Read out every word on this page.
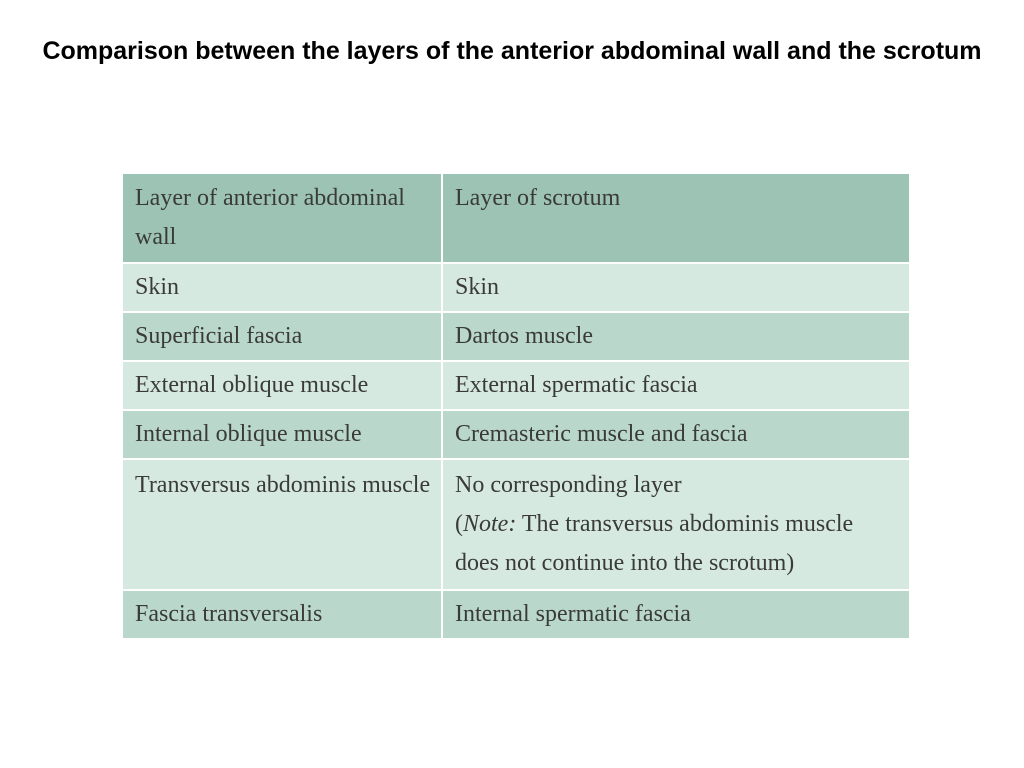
Comparison between the layers of the anterior abdominal wall and the scrotum
Layer of anterior abdominal wall	Layer of scrotum
Skin	Skin
Superficial fascia	Dartos muscle
External oblique muscle	External spermatic fascia
Internal oblique muscle	Cremasteric muscle and fascia
Transversus abdominis muscle	No corresponding layer
(Note: The transversus abdominis muscle does not continue into the scrotum)
Fascia transversalis	Internal spermatic fascia
